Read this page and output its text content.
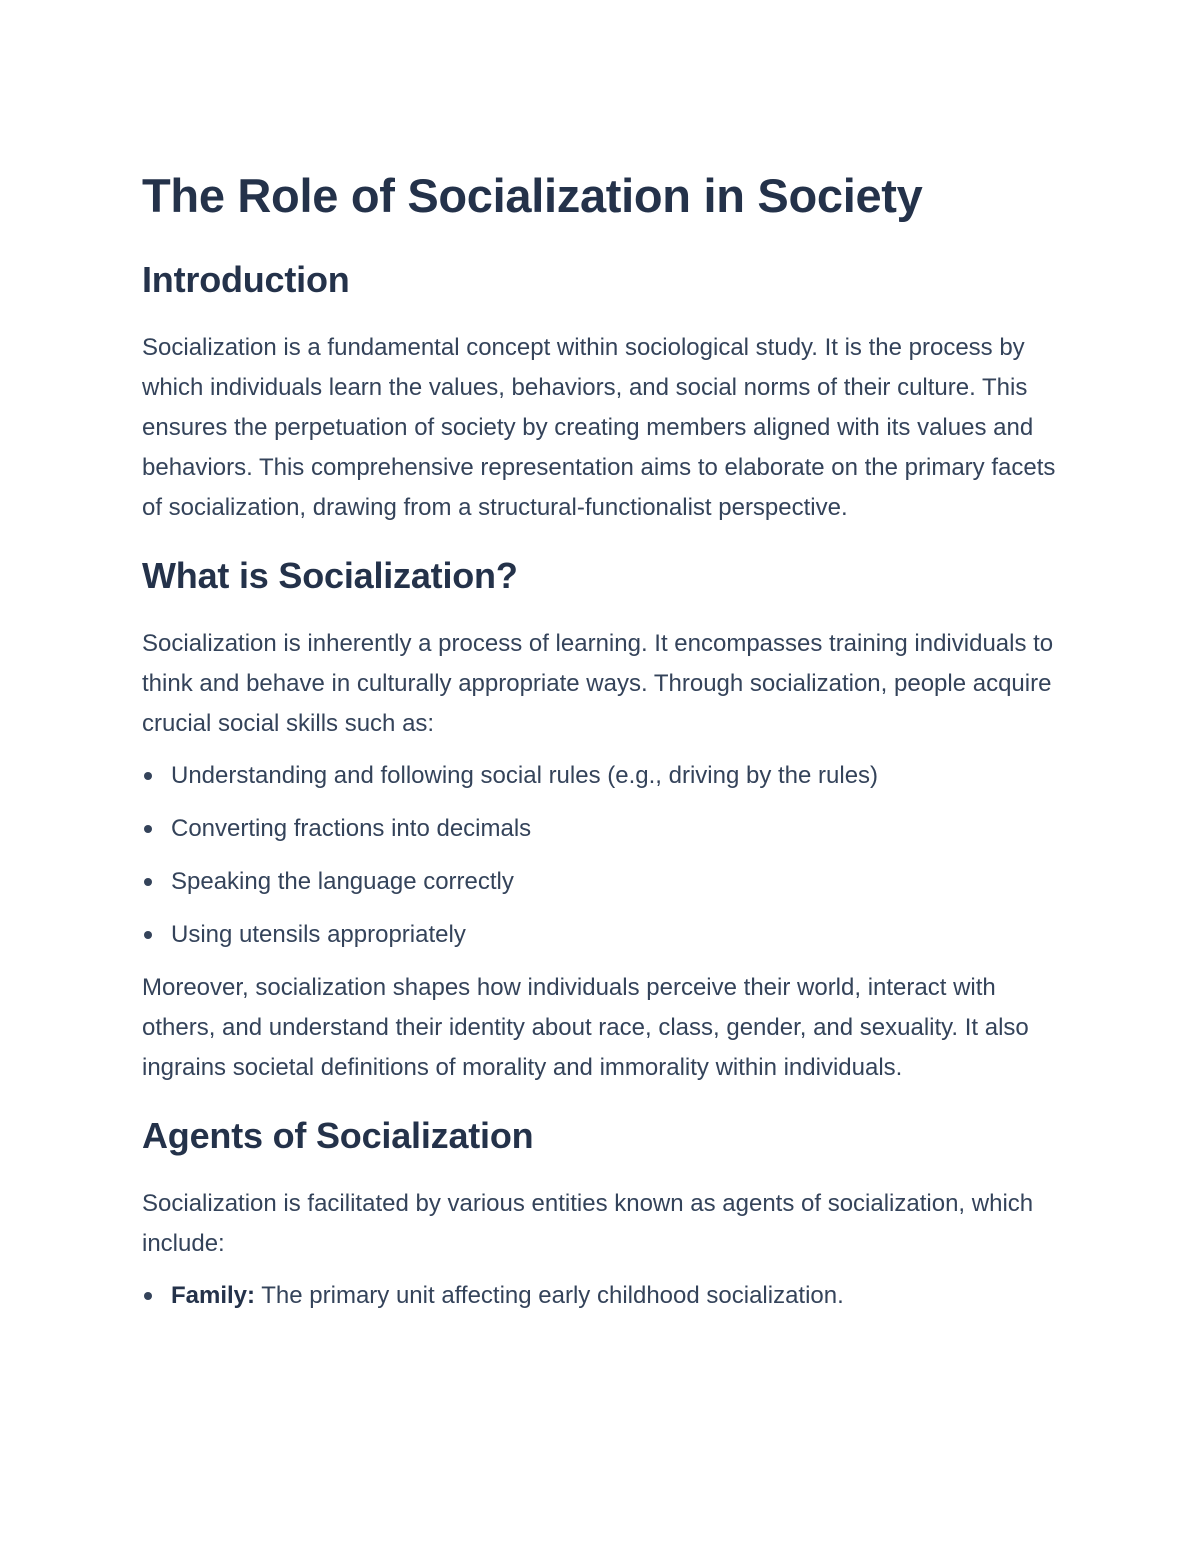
The Role of Socialization in Society
Introduction

Socialization is a fundamental concept within sociological study. It is the process by which individuals learn the values, behaviors, and social norms of their culture. This ensures the perpetuation of society by creating members aligned with its values and behaviors. This comprehensive representation aims to elaborate on the primary facets of socialization, drawing from a structural-functionalist perspective.

What is Socialization?

Socialization is inherently a process of learning. It encompasses training individuals to think and behave in culturally appropriate ways. Through socialization, people acquire crucial social skills such as:

Understanding and following social rules (e.g., driving by the rules)
Converting fractions into decimals
Speaking the language correctly
Using utensils appropriately

Moreover, socialization shapes how individuals perceive their world, interact with others, and understand their identity about race, class, gender, and sexuality. It also ingrains societal definitions of morality and immorality within individuals.

Agents of Socialization

Socialization is facilitated by various entities known as agents of socialization, which include:

Family: The primary unit affecting early childhood socialization.
